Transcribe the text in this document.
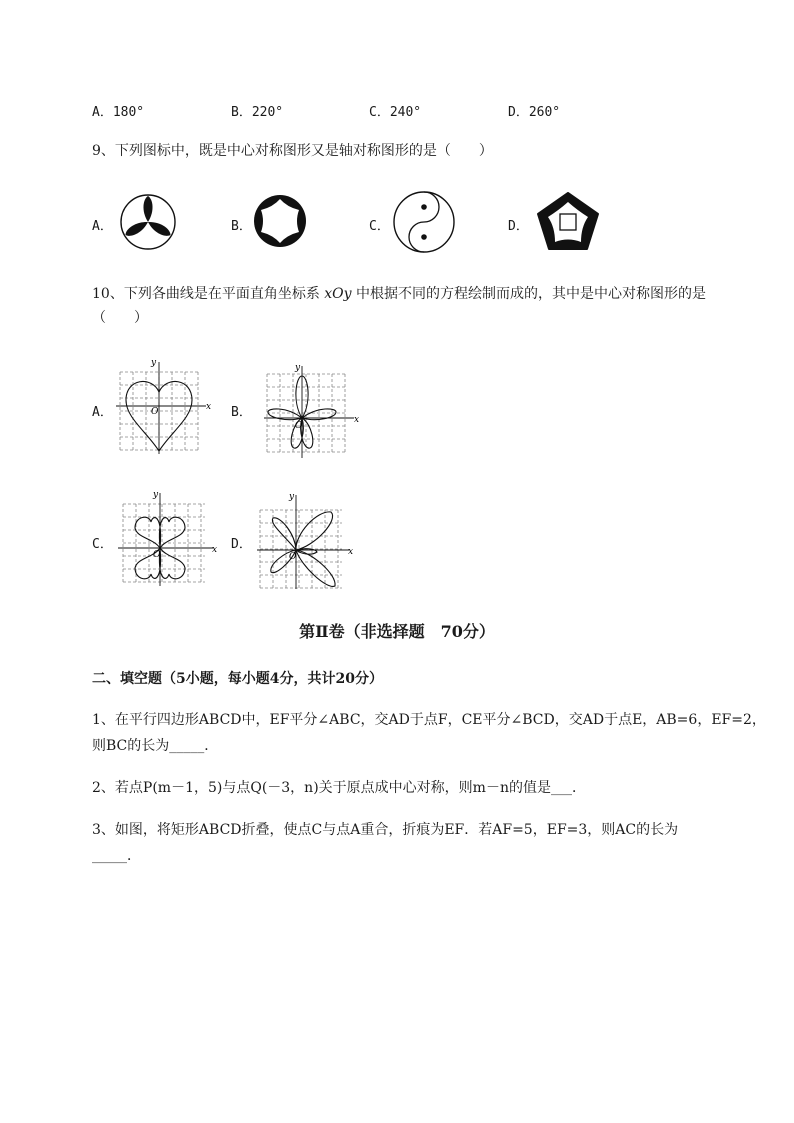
A．180°	B．220°	C．240°	D．260°
9、下列图标中，既是中心对称图形又是轴对称图形的是（　　）
A．	B．	C．	D．
10、下列各曲线是在平面直角坐标系 xOy 中根据不同的方程绘制而成的，其中是中心对称图形的是
（　　）
A．	x
y
O	B．	x
y
O
C．	x
y
O
D．	x
y
O
第Ⅱ卷（非选择题　70分）
二、填空题（5小题，每小题4分，共计20分）
1、在平行四边形ABCD中，EF平分∠ABC，交AD于点F，CE平分∠BCD，交AD于点E，AB=6，EF=2，
则BC的长为_____．
2、若点P(m－1，5)与点Q(－3，n)关于原点成中心对称，则m－n的值是___．
3、如图，将矩形ABCD折叠，使点C与点A重合，折痕为EF．若AF=5，EF=3，则AC的长为
_____．
